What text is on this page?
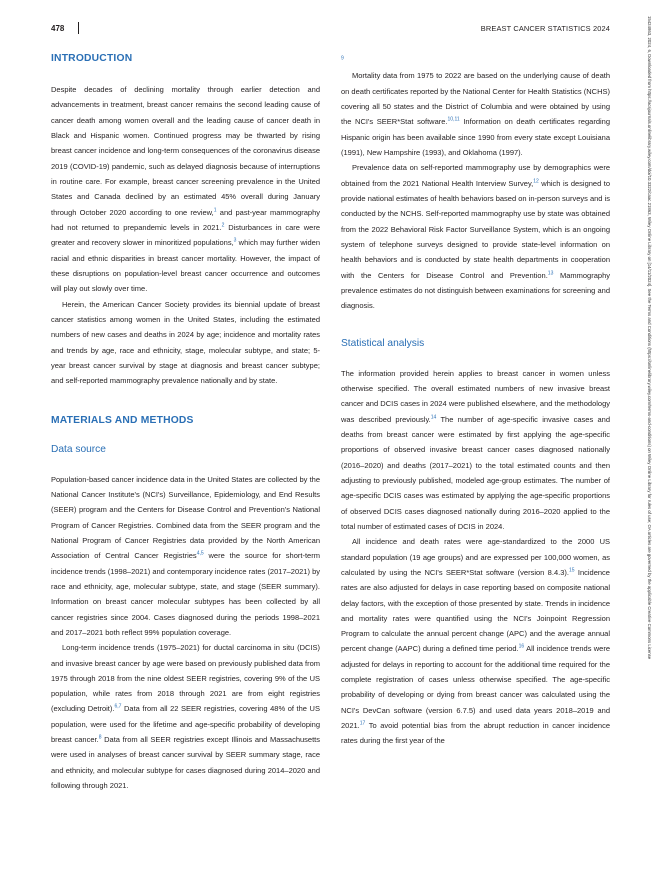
478	BREAST CANCER STATISTICS 2024	15424863, 2024, 6, Downloaded from https://acsjournals.onlinelibrary.wiley.com/doi/10.3322/caac.21863, Wiley Online Library on [14/11/2024]. See the Terms and Conditions (https://onlinelibrary.wiley.com/terms-and-conditions) on Wiley Online Library for rules of use; OA articles are governed by the applicable Creative Commons License
INTRODUCTION

Despite decades of declining mortality through earlier detection and advancements in treatment, breast cancer remains the second leading cause of cancer death among women overall and the leading cause of cancer death in Black and Hispanic women. Continued progress may be thwarted by rising breast cancer incidence and long-term consequences of the coronavirus disease 2019 (COVID-19) pandemic, such as delayed diagnosis because of interruptions in routine care. For example, breast cancer screening prevalence in the United States and Canada declined by an estimated 45% overall during January through October 2020 according to one review,$^1$ and past-year mammography had not returned to prepandemic levels in 2021.$^2$ Disturbances in care were greater and recovery slower in minoritized populations,$^3$ which may further widen racial and ethnic disparities in breast cancer mortality. However, the impact of these disruptions on population-level breast cancer occurrence and outcomes will play out slowly over time.

Herein, the American Cancer Society provides its biennial update of breast cancer statistics among women in the United States, including the estimated numbers of new cases and deaths in 2024 by age; incidence and mortality rates and trends by age, race and ethnicity, stage, molecular subtype, and state; 5-year breast cancer survival by stage at diagnosis and breast cancer subtype; and self-reported mammography prevalence nationally and by state.

MATERIALS AND METHODS
Data source

Population-based cancer incidence data in the United States are collected by the National Cancer Institute's (NCI's) Surveillance, Epidemiology, and End Results (SEER) program and the Centers for Disease Control and Prevention's National Program of Cancer Registries. Combined data from the SEER program and the National Program of Cancer Registries data provided by the North American Association of Central Cancer Registries$^{4,5}$ were the source for short-term incidence trends (1998–2021) and contemporary incidence rates (2017–2021) by race and ethnicity, age, molecular subtype, state, and stage (SEER summary). Information on breast cancer molecular subtypes has been collected by all cancer registries since 2004. Cases diagnosed during the periods 1998–2021 and 2017–2021 both reflect 99% population coverage.

Long-term incidence trends (1975–2021) for ductal carcinoma in situ (DCIS) and invasive breast cancer by age were based on previously published data from 1975 through 2018 from the nine oldest SEER registries, covering 9% of the US population, while rates from 2018 through 2021 are from eight registries (excluding Detroit).$^{6,7}$ Data from all 22 SEER registries, covering 48% of the US population, were used for the lifetime and age-specific probability of developing breast cancer.$^8$ Data from all SEER registries except Illinois and Massachusetts were used in analyses of breast cancer survival by SEER summary stage, race and ethnicity, and molecular subtype for cases diagnosed during 2014–2020 and following through 2021.

$^9$

Mortality data from 1975 to 2022 are based on the underlying cause of death on death certificates reported by the National Center for Health Statistics (NCHS) covering all 50 states and the District of Columbia and were obtained by using the NCI's SEER*Stat software.$^{10,11}$ Information on death certificates regarding Hispanic origin has been available since 1990 from every state except Louisiana (1991), New Hampshire (1993), and Oklahoma (1997).

Prevalence data on self-reported mammography use by demographics were obtained from the 2021 National Health Interview Survey,$^{12}$ which is designed to provide national estimates of health behaviors based on in-person surveys and is conducted by the NCHS. Self-reported mammography use by state was obtained from the 2022 Behavioral Risk Factor Surveillance System, which is an ongoing system of telephone surveys designed to provide state-level information on health behaviors and is conducted by state health departments in cooperation with the Centers for Disease Control and Prevention.$^{13}$ Mammography prevalence estimates do not distinguish between examinations for screening and diagnosis.

Statistical analysis

The information provided herein applies to breast cancer in women unless otherwise specified. The overall estimated numbers of new invasive breast cancer and DCIS cases in 2024 were published elsewhere, and the methodology was described previously.$^{14}$ The number of age-specific invasive cases and deaths from breast cancer were estimated by first applying the age-specific proportions of observed invasive breast cancer cases diagnosed nationally (2016–2020) and deaths (2017–2021) to the total estimated counts and then adjusting to previously published, modeled age-group estimates. The number of age-specific DCIS cases was estimated by applying the age-specific proportions of observed DCIS cases diagnosed nationally during 2016–2020 applied to the total number of estimated cases of DCIS in 2024.

All incidence and death rates were age-standardized to the 2000 US standard population (19 age groups) and are expressed per 100,000 women, as calculated by using the NCI's SEER*Stat software (version 8.4.3).$^{15}$ Incidence rates are also adjusted for delays in case reporting based on composite national delay factors, with the exception of those presented by state. Trends in incidence and mortality rates were quantified using the NCI's Joinpoint Regression Program to calculate the annual percent change (APC) and the average annual percent change (AAPC) during a defined time period.$^{16}$ All incidence trends were adjusted for delays in reporting to account for the additional time required for the complete registration of cases unless otherwise specified. The age-specific probability of developing or dying from breast cancer was calculated using the NCI's DevCan software (version 6.7.5) and used data years 2018–2019 and 2021.17 To avoid potential bias from the abrupt reduction in cancer incidence rates during the first year of the
